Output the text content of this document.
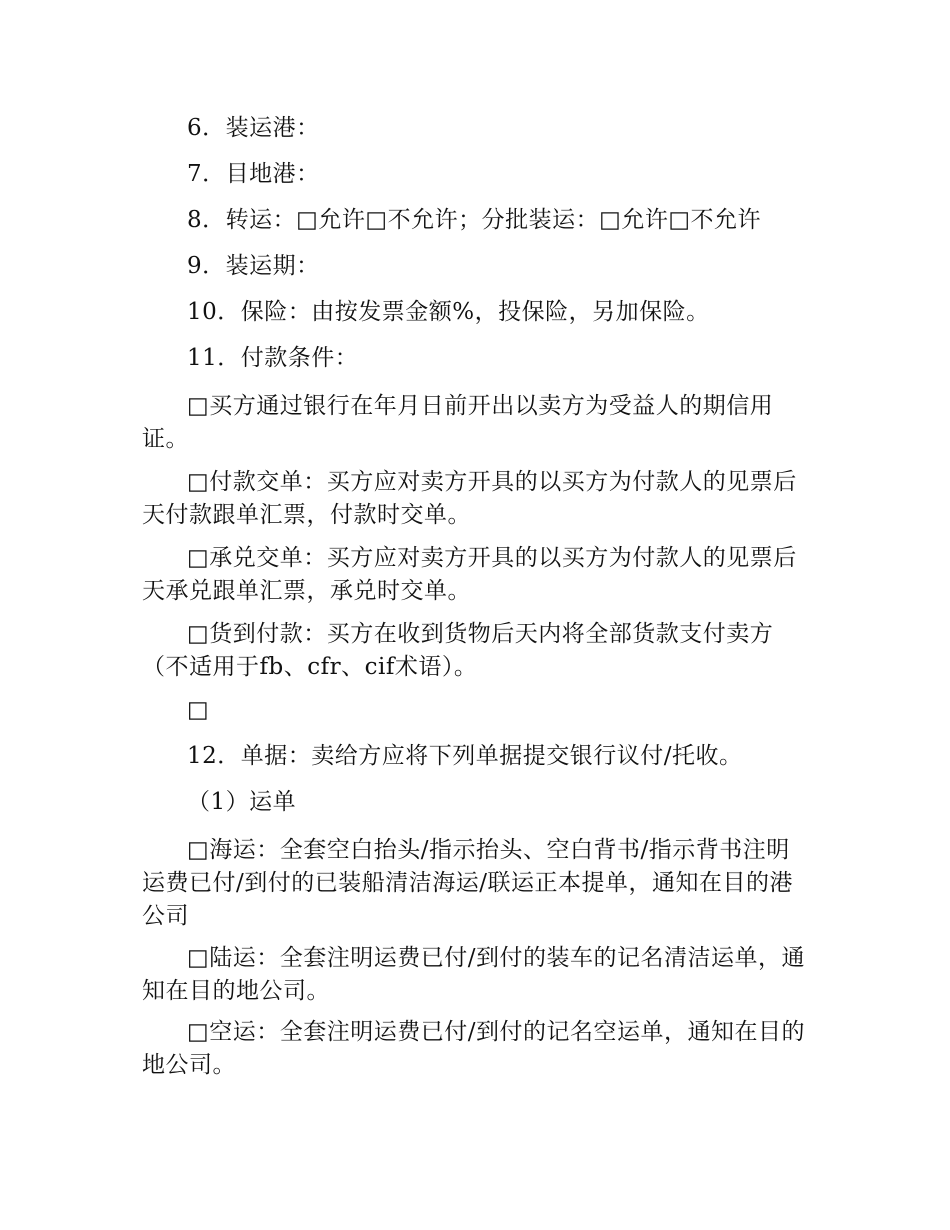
6．装运港：

7．目地港：

8．转运：□允许□不允许；分批装运：□允许□不允许

9．装运期：

10．保险：由按发票金额%，投保险，另加保险。

11．付款条件：

□买方通过银行在年月日前开出以卖方为受益人的期信用证。

□付款交单：买方应对卖方开具的以买方为付款人的见票后天付款跟单汇票，付款时交单。

□承兑交单：买方应对卖方开具的以买方为付款人的见票后天承兑跟单汇票，承兑时交单。

□货到付款：买方在收到货物后天内将全部货款支付卖方（不适用于fb、cfr、cif术语）。

□

12．单据：卖给方应将下列单据提交银行议付/托收。

（1）运单

□海运：全套空白抬头/指示抬头、空白背书/指示背书注明运费已付/到付的已装船清洁海运/联运正本提单，通知在目的港公司

□陆运：全套注明运费已付/到付的装车的记名清洁运单，通知在目的地公司。

□空运：全套注明运费已付/到付的记名空运单，通知在目的地公司。
